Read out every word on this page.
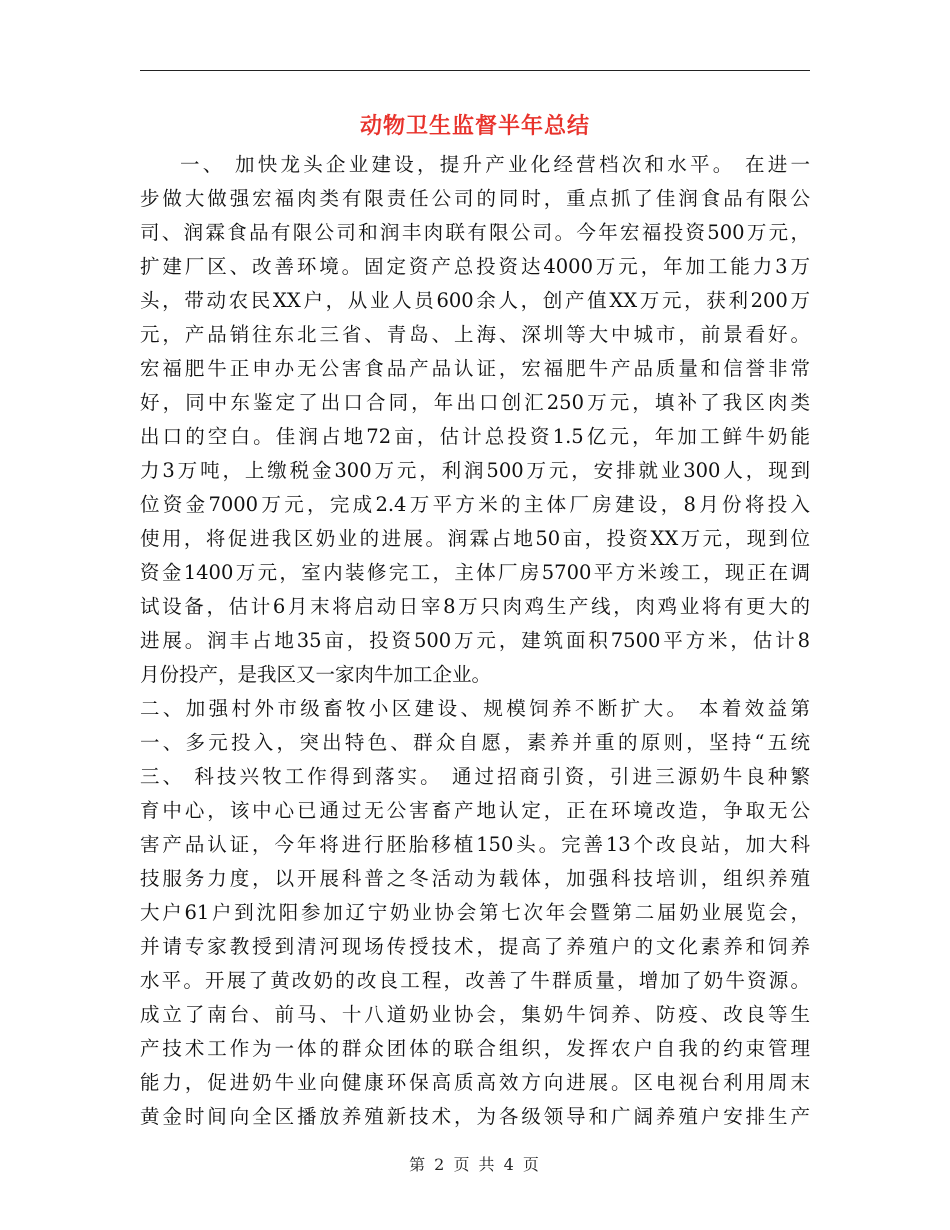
动物卫生监督半年总结
一、 加快龙头企业建设，提升产业化经营档次和水平。 在进一
步做大做强宏福肉类有限责任公司的同时，重点抓了佳润食品有限公
司、润霖食品有限公司和润丰肉联有限公司。今年宏福投资500万元，
扩建厂区、改善环境。固定资产总投资达4000万元，年加工能力3万
头，带动农民XX户，从业人员600余人，创产值XX万元，获利200万
元，产品销往东北三省、青岛、上海、深圳等大中城市，前景看好。
宏福肥牛正申办无公害食品产品认证，宏福肥牛产品质量和信誉非常
好，同中东鉴定了出口合同，年出口创汇250万元，填补了我区肉类
出口的空白。佳润占地72亩，估计总投资1.5亿元，年加工鲜牛奶能
力3万吨，上缴税金300万元，利润500万元，安排就业300人，现到
位资金7000万元，完成2.4万平方米的主体厂房建设，8月份将投入
使用，将促进我区奶业的进展。润霖占地50亩，投资XX万元，现到位
资金1400万元，室内装修完工，主体厂房5700平方米竣工，现正在调
试设备，估计6月末将启动日宰8万只肉鸡生产线，肉鸡业将有更大的
进展。润丰占地35亩，投资500万元，建筑面积7500平方米，估计8
月份投产，是我区又一家肉牛加工企业。
二、加强村外市级畜牧小区建设、规模饲养不断扩大。 本着效益第
一、多元投入，突出特色、群众自愿，素养并重的原则，坚持“五统
三、 科技兴牧工作得到落实。 通过招商引资，引进三源奶牛良种繁
育中心，该中心已通过无公害畜产地认定，正在环境改造，争取无公
害产品认证，今年将进行胚胎移植150头。完善13个改良站，加大科
技服务力度，以开展科普之冬活动为载体，加强科技培训，组织养殖
大户61户到沈阳参加辽宁奶业协会第七次年会暨第二届奶业展览会，
并请专家教授到清河现场传授技术，提高了养殖户的文化素养和饲养
水平。开展了黄改奶的改良工程，改善了牛群质量，增加了奶牛资源。
成立了南台、前马、十八道奶业协会，集奶牛饲养、防疫、改良等生
产技术工作为一体的群众团体的联合组织，发挥农户自我的约束管理
能力，促进奶牛业向健康环保高质高效方向进展。区电视台利用周末
黄金时间向全区播放养殖新技术，为各级领导和广阔养殖户安排生产
第 2 页 共 4 页
